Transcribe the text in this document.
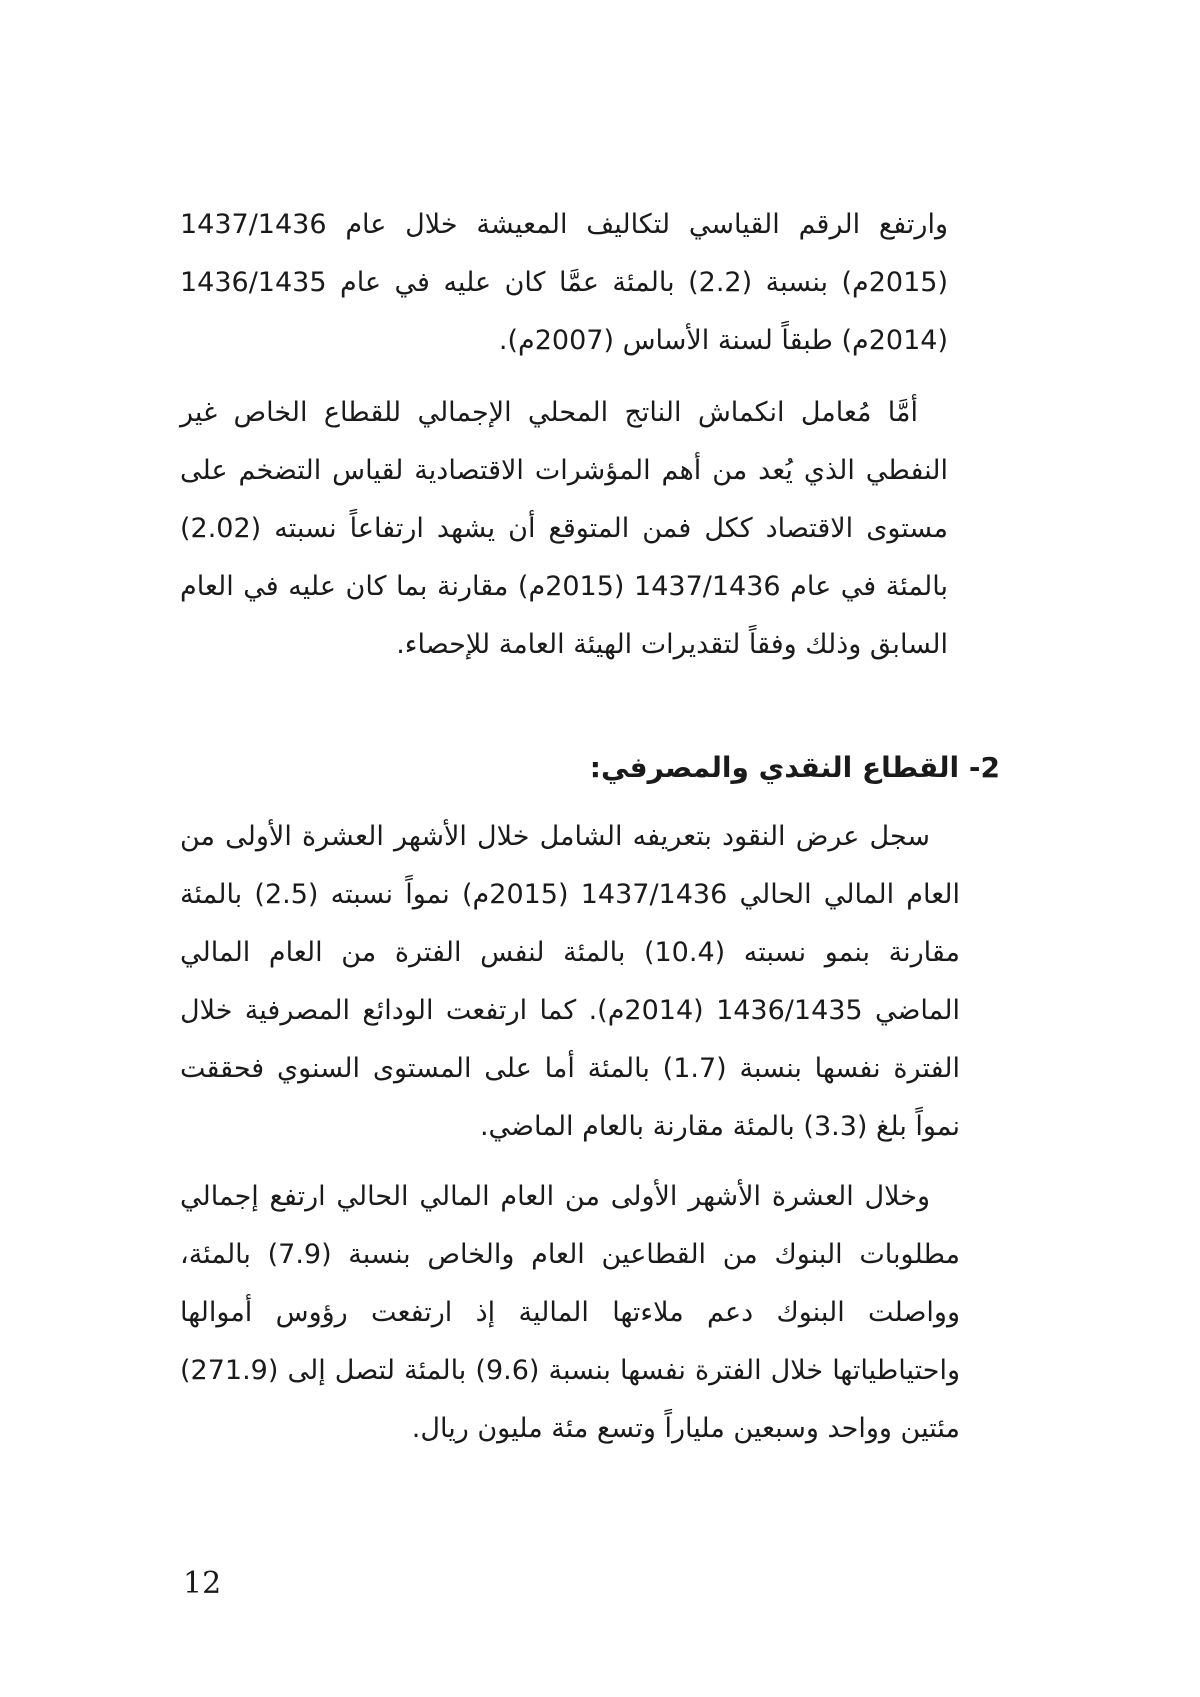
وارتفع الرقم القياسي لتكاليف المعيشة خلال عام 1437/1436 (2015م) بنسبة (2.2) بالمئة عمَّا كان عليه في عام 1436/1435 (2014م) طبقاً لسنة الأساس (2007م).

أمَّا مُعامل انكماش الناتج المحلي الإجمالي للقطاع الخاص غير النفطي الذي يُعد من أهم المؤشرات الاقتصادية لقياس التضخم على مستوى الاقتصاد ككل فمن المتوقع أن يشهد ارتفاعاً نسبته (2.02) بالمئة في عام 1437/1436 (2015م) مقارنة بما كان عليه في العام السابق وذلك وفقاً لتقديرات الهيئة العامة للإحصاء.

2- القطاع النقدي والمصرفي:

سجل عرض النقود بتعريفه الشامل خلال الأشهر العشرة الأولى من العام المالي الحالي 1437/1436 (2015م) نمواً نسبته (2.5) بالمئة مقارنة بنمو نسبته (10.4) بالمئة لنفس الفترة من العام المالي الماضي 1436/1435 (2014م). كما ارتفعت الودائع المصرفية خلال الفترة نفسها بنسبة (1.7) بالمئة أما على المستوى السنوي فحققت نمواً بلغ (3.3) بالمئة مقارنة بالعام الماضي.

وخلال العشرة الأشهر الأولى من العام المالي الحالي ارتفع إجمالي مطلوبات البنوك من القطاعين العام والخاص بنسبة (7.9) بالمئة، وواصلت البنوك دعم ملاءتها المالية إذ ارتفعت رؤوس أموالها واحتياطياتها خلال الفترة نفسها بنسبة (9.6) بالمئة لتصل إلى (271.9) مئتين وواحد وسبعين ملياراً وتسع مئة مليون ريال.

12
